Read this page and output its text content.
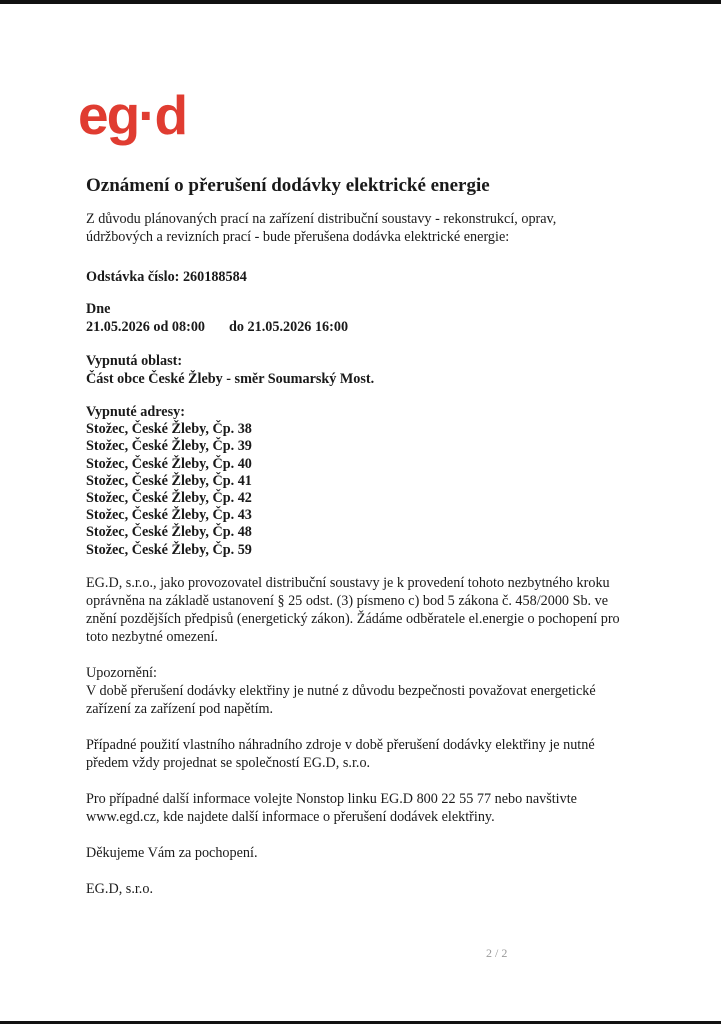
eg·d
Oznámení o přerušení dodávky elektrické energie

Z důvodu plánovaných prací na zařízení distribuční soustavy - rekonstrukcí, oprav,

údržbových a revizních prací - bude přerušena dodávka elektrické energie:

Odstávka číslo: 260188584

Dne

21.05.2026 od 08:00 do 21.05.2026 16:00

Vypnutá oblast:

Část obce České Žleby - směr Soumarský Most.

Vypnuté adresy:

Stožec, České Žleby, Čp. 38

Stožec, České Žleby, Čp. 39

Stožec, České Žleby, Čp. 40

Stožec, České Žleby, Čp. 41

Stožec, České Žleby, Čp. 42

Stožec, České Žleby, Čp. 43

Stožec, České Žleby, Čp. 48

Stožec, České Žleby, Čp. 59

EG.D, s.r.o., jako provozovatel distribuční soustavy je k provedení tohoto nezbytného kroku

oprávněna na základě ustanovení § 25 odst. (3) písmeno c) bod 5 zákona č. 458/2000 Sb. ve

znění pozdějších předpisů (energetický zákon). Žádáme odběratele el.energie o pochopení pro

toto nezbytné omezení.

Upozornění:

V době přerušení dodávky elektřiny je nutné z důvodu bezpečnosti považovat energetické

zařízení za zařízení pod napětím.

Případné použití vlastního náhradního zdroje v době přerušení dodávky elektřiny je nutné

předem vždy projednat se společností EG.D, s.r.o.

Pro případné další informace volejte Nonstop linku EG.D 800 22 55 77 nebo navštivte

www.egd.cz, kde najdete další informace o přerušení dodávek elektřiny.

Děkujeme Vám za pochopení.

EG.D, s.r.o.

2 / 2
